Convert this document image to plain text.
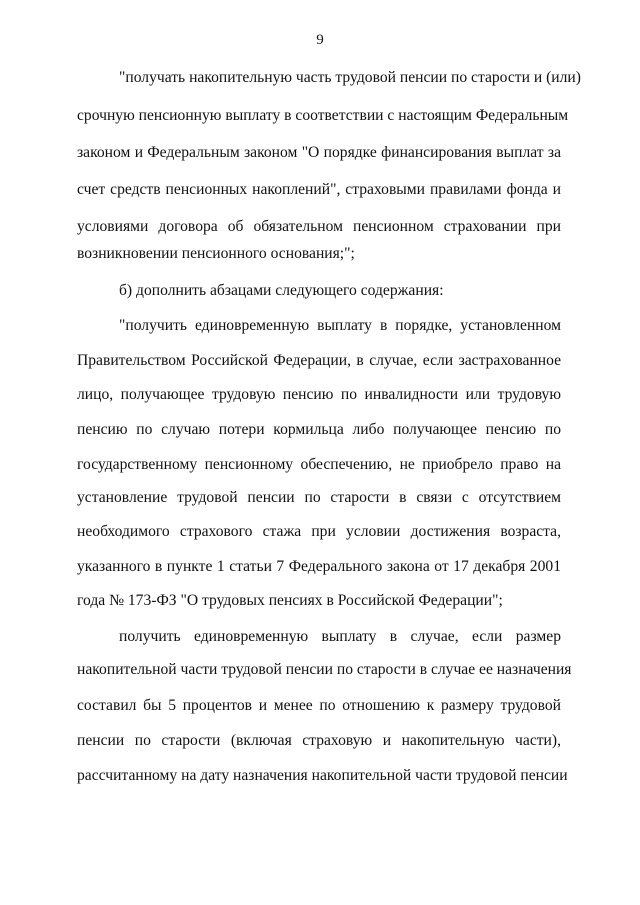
9

"получать накопительную часть трудовой пенсии по старости и (или)

срочную пенсионную выплату в соответствии с настоящим Федеральным

законом и Федеральным законом "О порядке финансирования выплат за

счет средств пенсионных накоплений", страховыми правилами фонда и

условиями договора об обязательном пенсионном страховании при

возникновении пенсионного основания;";

б) дополнить абзацами следующего содержания:

"получить единовременную выплату в порядке, установленном

Правительством Российской Федерации, в случае, если застрахованное

лицо, получающее трудовую пенсию по инвалидности или трудовую

пенсию по случаю потери кормильца либо получающее пенсию по

государственному пенсионному обеспечению, не приобрело право на

установление трудовой пенсии по старости в связи с отсутствием

необходимого страхового стажа при условии достижения возраста,

указанного в пункте 1 статьи 7 Федерального закона от 17 декабря 2001

года № 173-ФЗ "О трудовых пенсиях в Российской Федерации";

получить единовременную выплату в случае, если размер

накопительной части трудовой пенсии по старости в случае ее назначения

составил бы 5 процентов и менее по отношению к размеру трудовой

пенсии по старости (включая страховую и накопительную части),

рассчитанному на дату назначения накопительной части трудовой пенсии
